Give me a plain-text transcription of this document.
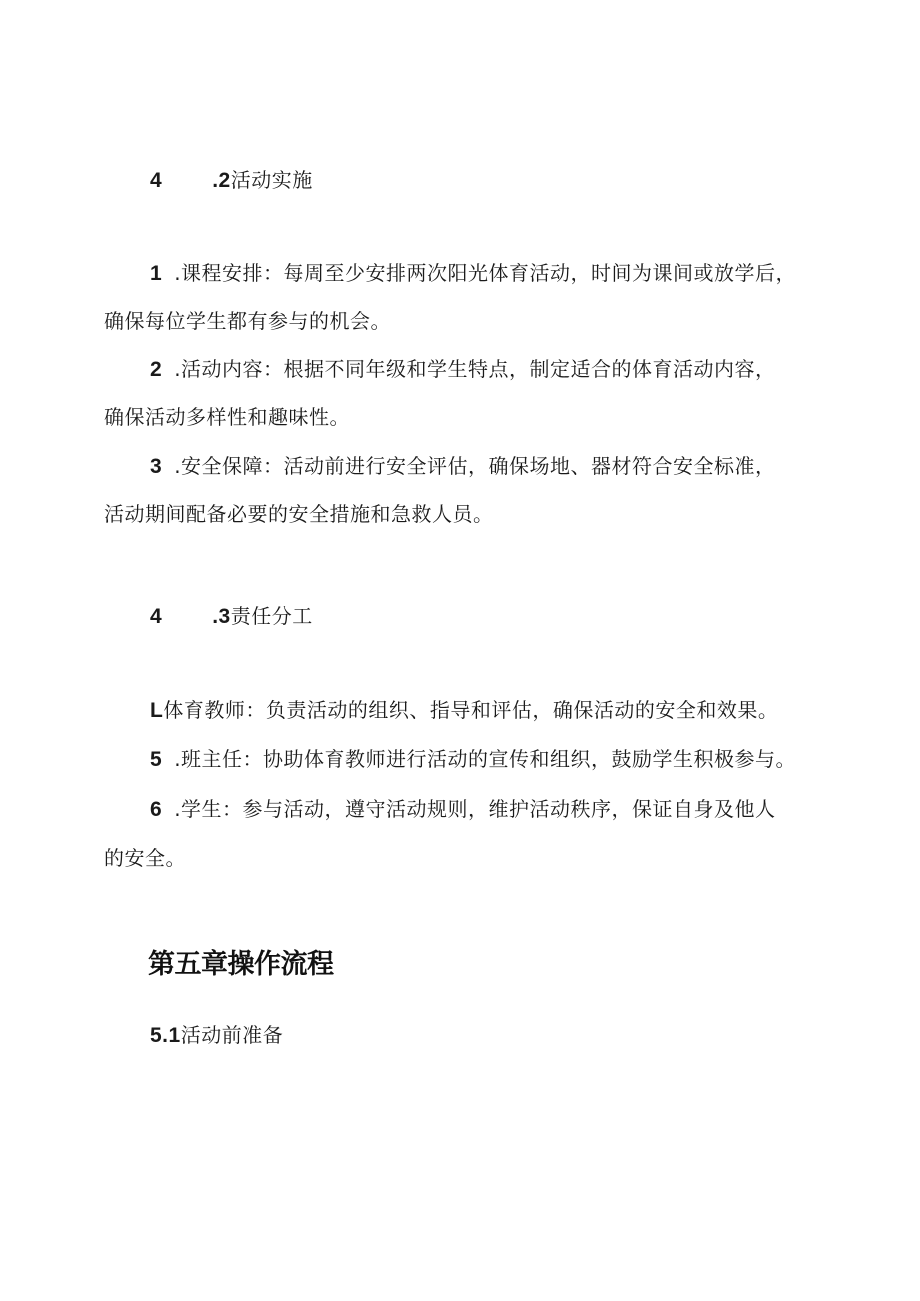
4 .2活动实施
1 .课程安排：每周至少安排两次阳光体育活动，时间为课间或放学后，
确保每位学生都有参与的机会。
2 .活动内容：根据不同年级和学生特点，制定适合的体育活动内容，
确保活动多样性和趣味性。
3 .安全保障：活动前进行安全评估，确保场地、器材符合安全标准，
活动期间配备必要的安全措施和急救人员。
4 .3责任分工
L体育教师：负责活动的组织、指导和评估，确保活动的安全和效果。
5 .班主任：协助体育教师进行活动的宣传和组织，鼓励学生积极参与。
6 .学生：参与活动，遵守活动规则，维护活动秩序，保证自身及他人
的安全。
第五章操作流程
5.1活动前准备
